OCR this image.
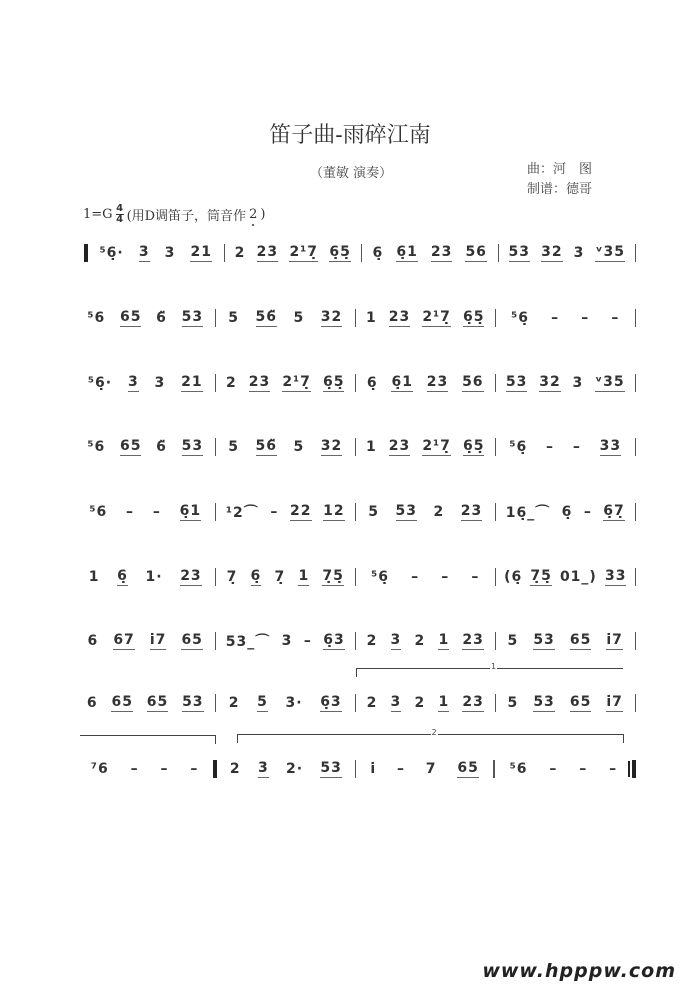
笛子曲-雨碎江南
（董敏 演奏）	曲：河　图
制谱：德哥
$1=G \frac{4}{4}$ (用D调笛子，筒音作 2 )
⁵6̣· 3 3 21 2 23 2¹7̣ 6̣5̣ 6̣ 6̣1 23 56 53 32 3 ᵛ35
⁵6 65 6̈ 53 5 56̈ 5 32 1 23 2¹7̣ 6̣5̣ ⁵6̣ – – –
⁵6̣· 3 3 21 2 23 2¹7̣ 6̣5̣ 6̣ 6̣1 23 56 53 32 3 ᵛ35
⁵6 65 6̈ 53 5 56̈ 5 32 1 23 2¹7̣ 6̣5̣ ⁵6̣ – – 33
⁵6 – – 6̣1 ¹2⌒ – 22 12 5 53 2 23 16̣_⌒ 6̣ – 6̣7̣
1 6̣ 1· 23 7̣ 6̣ 7̣ 1 7̣5̣ ⁵6̣ – – – (6̣ 7̣5̣ 01_) 33
6 67 i̇7 65 53_⌒ 3 – 6̣3 2 3 2 1 23 5 53 65 i̇7
6 65 65 53 2 5 3· 6̣3 2 3 2 1 23 5 53 65 i̇7
⁷6 – – – 2 3 2· 53 i̇ – 7 65 ⁵6 – – –
1
2
www.hpppw.com
